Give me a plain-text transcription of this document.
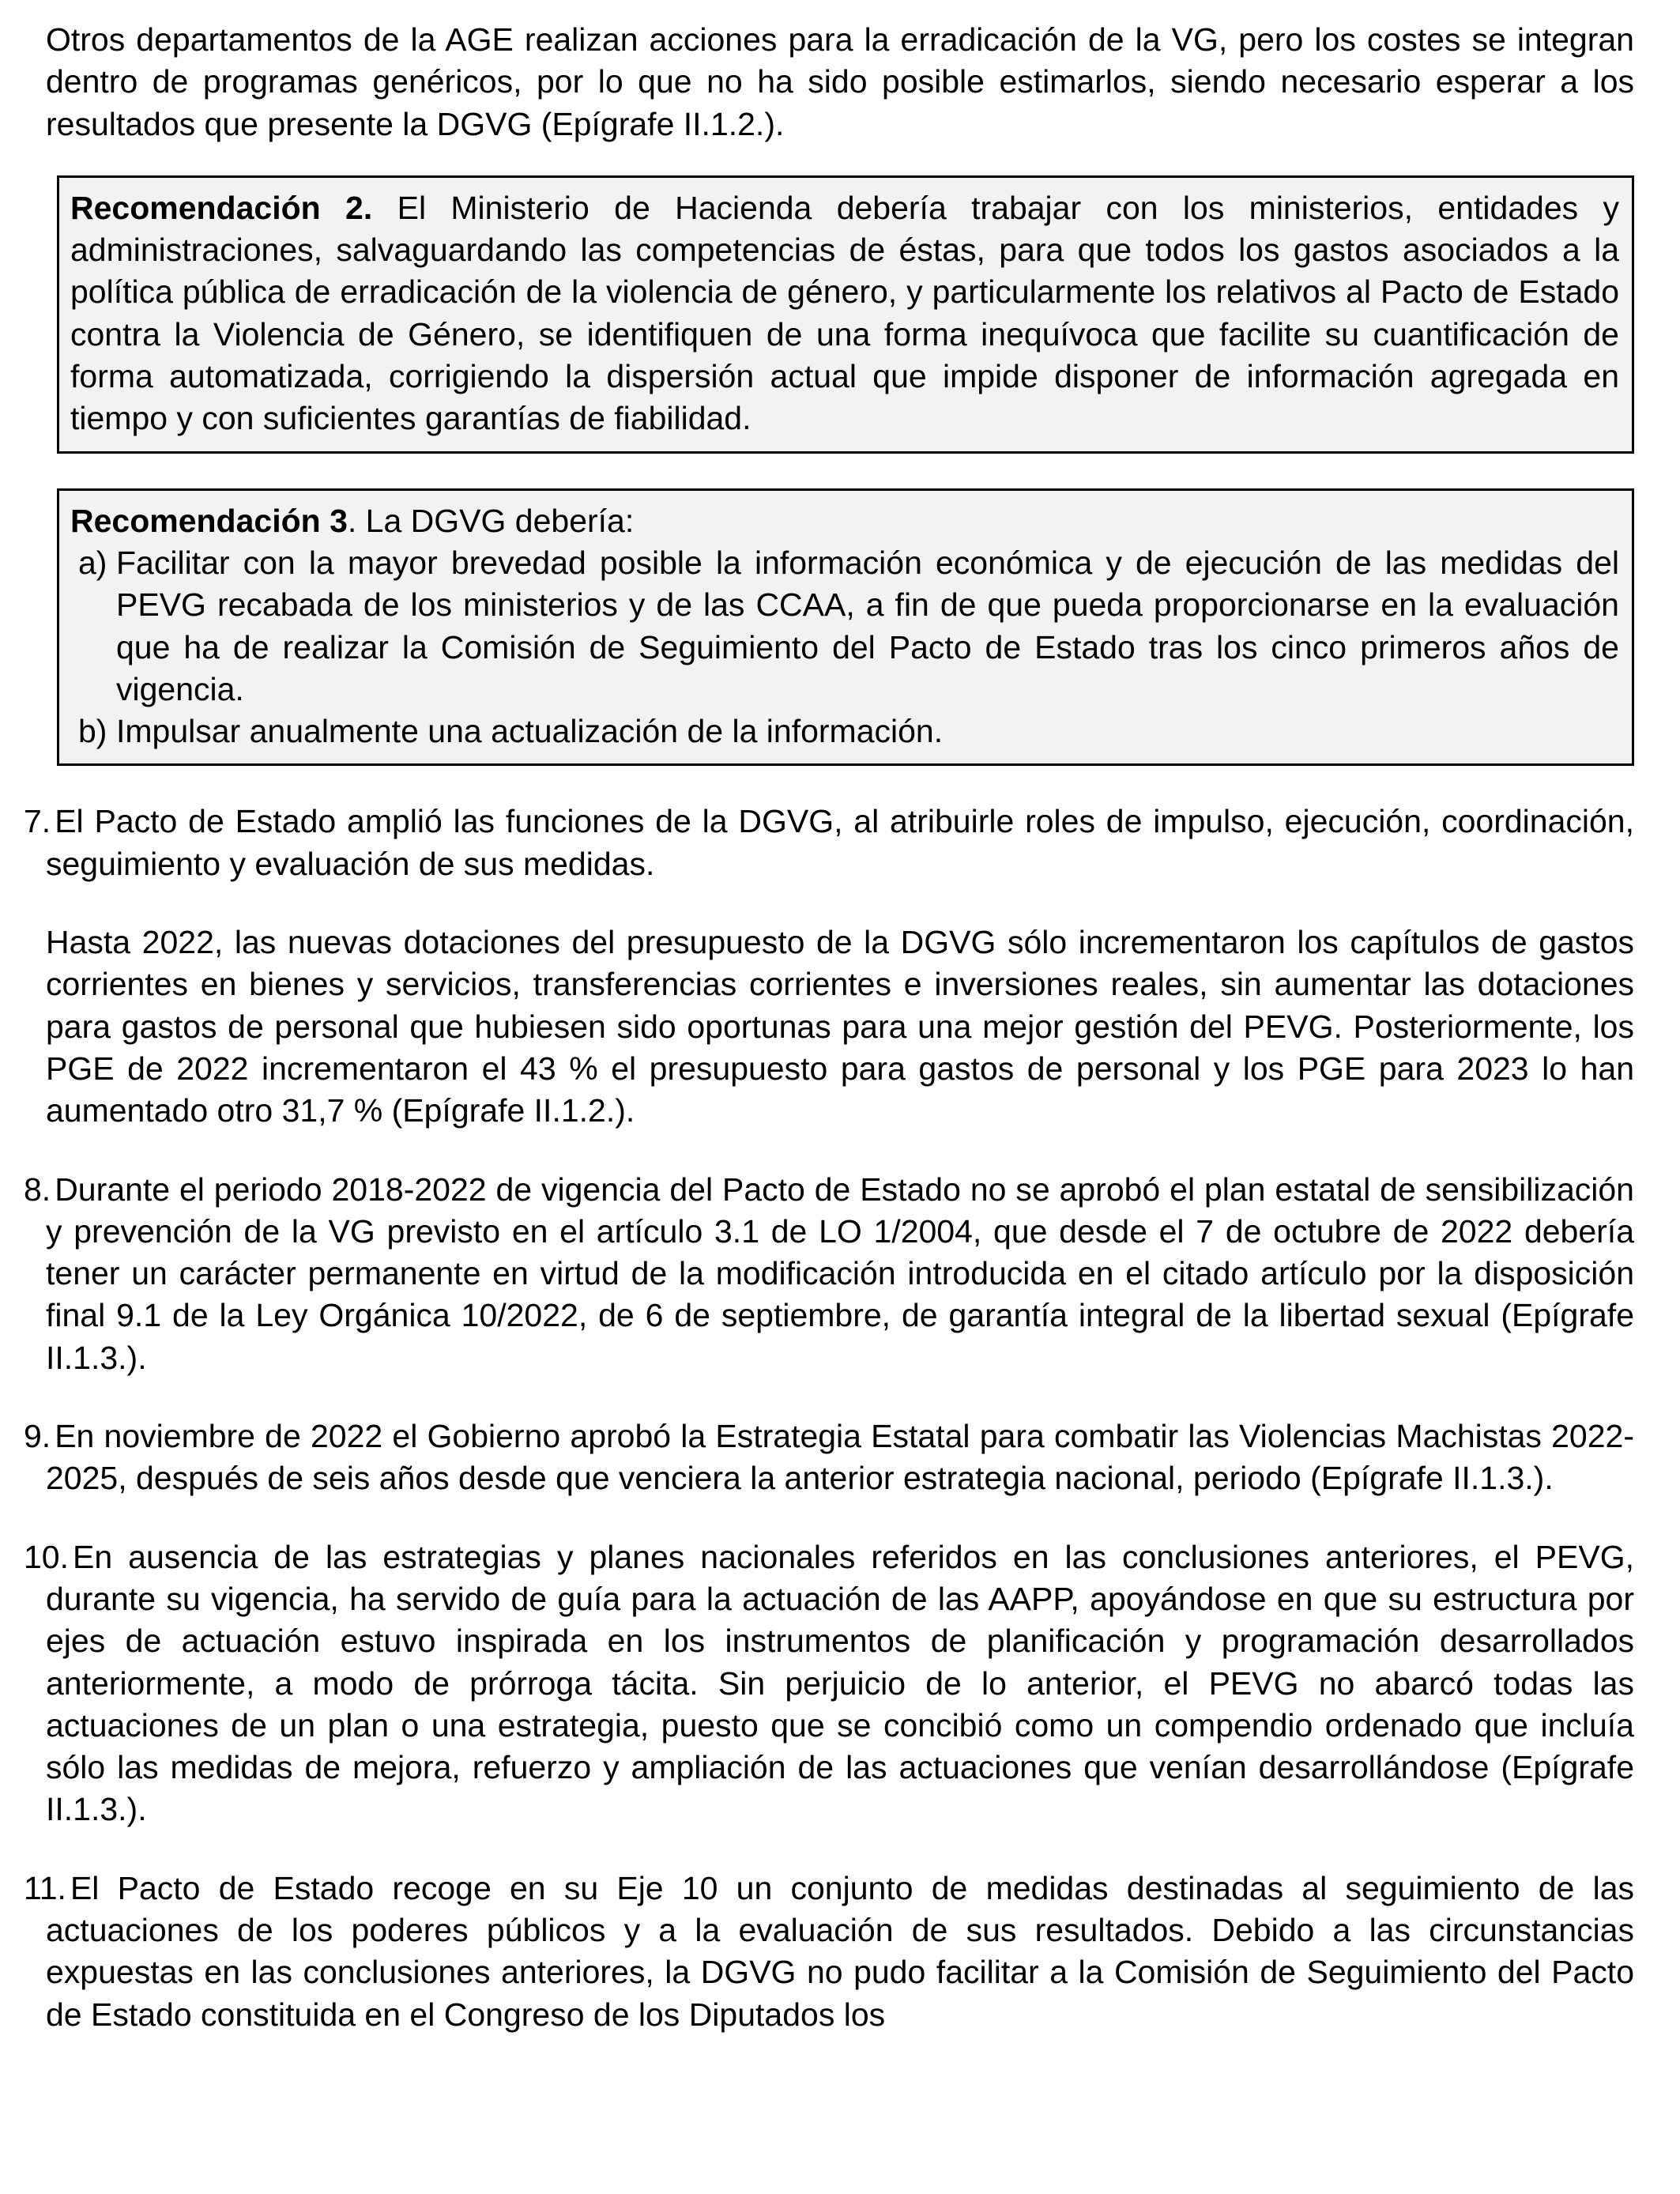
Otros departamentos de la AGE realizan acciones para la erradicación de la VG, pero los costes se integran dentro de programas genéricos, por lo que no ha sido posible estimarlos, siendo necesario esperar a los resultados que presente la DGVG (Epígrafe II.1.2.).

Recomendación 2. El Ministerio de Hacienda debería trabajar con los ministerios, entidades y administraciones, salvaguardando las competencias de éstas, para que todos los gastos asociados a la política pública de erradicación de la violencia de género, y particularmente los relativos al Pacto de Estado contra la Violencia de Género, se identifiquen de una forma inequívoca que facilite su cuantificación de forma automatizada, corrigiendo la dispersión actual que impide disponer de información agregada en tiempo y con suficientes garantías de fiabilidad.

Recomendación 3. La DGVG debería:

a) Facilitar con la mayor brevedad posible la información económica y de ejecución de las medidas del PEVG recabada de los ministerios y de las CCAA, a fin de que pueda proporcionarse en la evaluación que ha de realizar la Comisión de Seguimiento del Pacto de Estado tras los cinco primeros años de vigencia.

b) Impulsar anualmente una actualización de la información.

7. El Pacto de Estado amplió las funciones de la DGVG, al atribuirle roles de impulso, ejecución, coordinación, seguimiento y evaluación de sus medidas.

Hasta 2022, las nuevas dotaciones del presupuesto de la DGVG sólo incrementaron los capítulos de gastos corrientes en bienes y servicios, transferencias corrientes e inversiones reales, sin aumentar las dotaciones para gastos de personal que hubiesen sido oportunas para una mejor gestión del PEVG. Posteriormente, los PGE de 2022 incrementaron el 43 % el presupuesto para gastos de personal y los PGE para 2023 lo han aumentado otro 31,7 % (Epígrafe II.1.2.).

8. Durante el periodo 2018-2022 de vigencia del Pacto de Estado no se aprobó el plan estatal de sensibilización y prevención de la VG previsto en el artículo 3.1 de LO 1/2004, que desde el 7 de octubre de 2022 debería tener un carácter permanente en virtud de la modificación introducida en el citado artículo por la disposición final 9.1 de la Ley Orgánica 10/2022, de 6 de septiembre, de garantía integral de la libertad sexual (Epígrafe II.1.3.).

9. En noviembre de 2022 el Gobierno aprobó la Estrategia Estatal para combatir las Violencias Machistas 2022-2025, después de seis años desde que venciera la anterior estrategia nacional, periodo (Epígrafe II.1.3.).

10. En ausencia de las estrategias y planes nacionales referidos en las conclusiones anteriores, el PEVG, durante su vigencia, ha servido de guía para la actuación de las AAPP, apoyándose en que su estructura por ejes de actuación estuvo inspirada en los instrumentos de planificación y programación desarrollados anteriormente, a modo de prórroga tácita. Sin perjuicio de lo anterior, el PEVG no abarcó todas las actuaciones de un plan o una estrategia, puesto que se concibió como un compendio ordenado que incluía sólo las medidas de mejora, refuerzo y ampliación de las actuaciones que venían desarrollándose (Epígrafe II.1.3.).

11. El Pacto de Estado recoge en su Eje 10 un conjunto de medidas destinadas al seguimiento de las actuaciones de los poderes públicos y a la evaluación de sus resultados. Debido a las circunstancias expuestas en las conclusiones anteriores, la DGVG no pudo facilitar a la Comisión de Seguimiento del Pacto de Estado constituida en el Congreso de los Diputados los
